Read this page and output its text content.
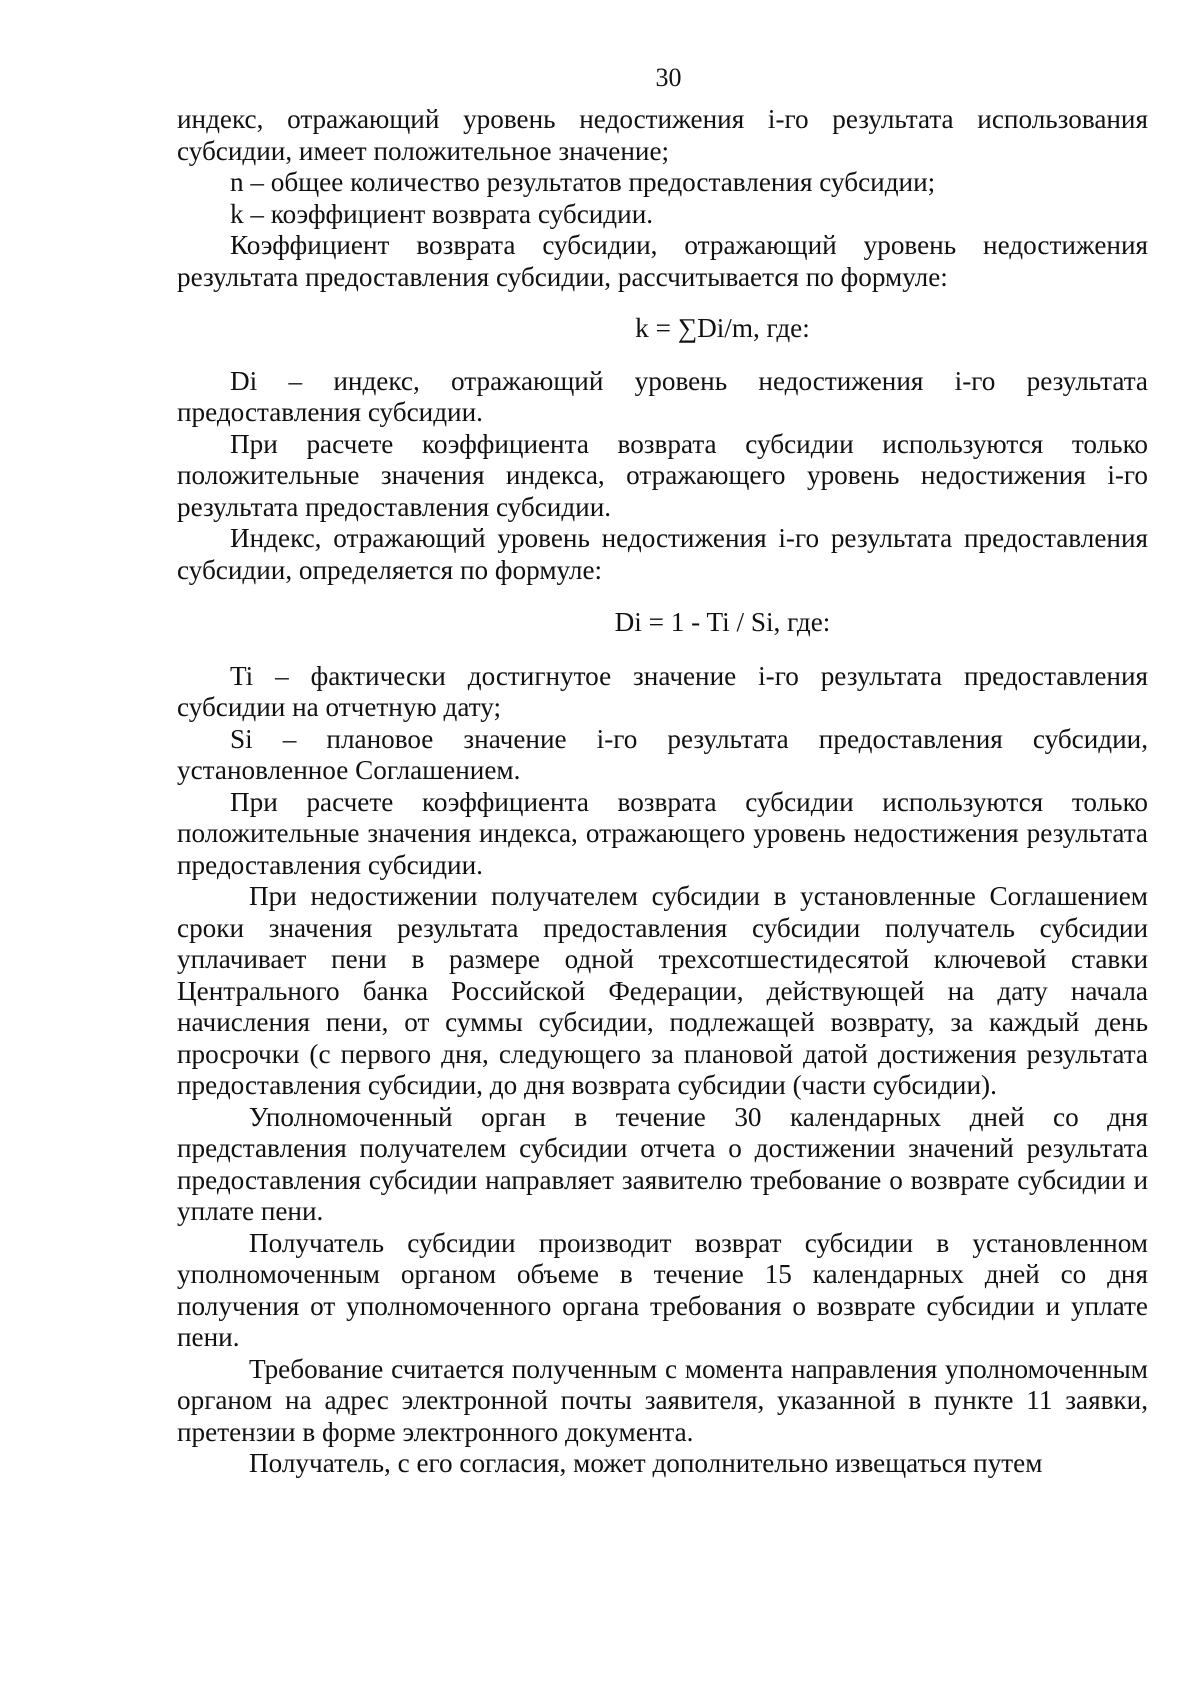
30

индекс, отражающий уровень недостижения i-го результата использования субсидии, имеет положительное значение;

n – общее количество результатов предоставления субсидии;

k – коэффициент возврата субсидии.

Коэффициент возврата субсидии, отражающий уровень недостижения результата предоставления субсидии, рассчитывается по формуле:

k = ∑Di/m, где:

Di – индекс, отражающий уровень недостижения i-го результата предоставления субсидии.

При расчете коэффициента возврата субсидии используются только положительные значения индекса, отражающего уровень недостижения i-го результата предоставления субсидии.

Индекс, отражающий уровень недостижения i-го результата предоставления субсидии, определяется по формуле:

Di = 1 - Ti / Si, где:

Ti – фактически достигнутое значение i-го результата предоставления субсидии на отчетную дату;

Si – плановое значение i-го результата предоставления субсидии, установленное Соглашением.

При расчете коэффициента возврата субсидии используются только положительные значения индекса, отражающего уровень недостижения результата предоставления субсидии.

При недостижении получателем субсидии в установленные Соглашением сроки значения результата предоставления субсидии получатель субсидии уплачивает пени в размере одной трехсотшестидесятой ключевой ставки Центрального банка Российской Федерации, действующей на дату начала начисления пени, от суммы субсидии, подлежащей возврату, за каждый день просрочки (с первого дня, следующего за плановой датой достижения результата предоставления субсидии, до дня возврата субсидии (части субсидии).

Уполномоченный орган в течение 30 календарных дней со дня представления получателем субсидии отчета о достижении значений результата предоставления субсидии направляет заявителю требование о возврате субсидии и уплате пени.

Получатель субсидии производит возврат субсидии в установленном уполномоченным органом объеме в течение 15 календарных дней со дня получения от уполномоченного органа требования о возврате субсидии и уплате пени.

Требование считается полученным с момента направления уполномоченным органом на адрес электронной почты заявителя, указанной в пункте 11 заявки, претензии в форме электронного документа.

Получатель, с его согласия, может дополнительно извещаться путем
